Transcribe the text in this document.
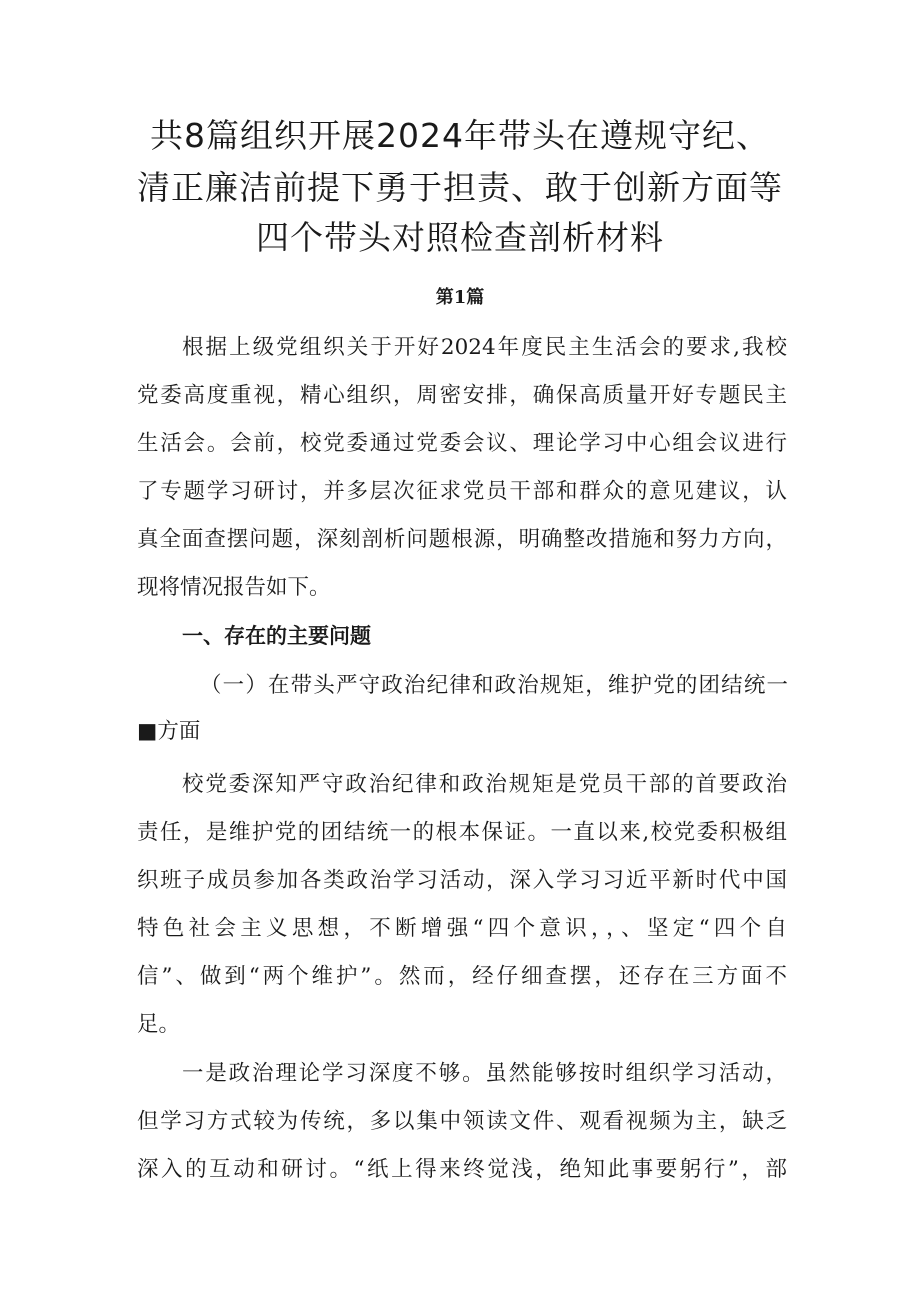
共8篇组织开展2024年带头在遵规守纪、
清正廉洁前提下勇于担责、敢于创新方面等
四个带头对照检查剖析材料
第1篇
根据上级党组织关于开好2024年度民主生活会的要求,我校
党委高度重视，精心组织，周密安排，确保高质量开好专题民主
生活会。会前，校党委通过党委会议、理论学习中心组会议进行
了专题学习研讨，并多层次征求党员干部和群众的意见建议，认
真全面查摆问题，深刻剖析问题根源，明确整改措施和努力方向，
现将情况报告如下。
一、存在的主要问题
（一）在带头严守政治纪律和政治规矩，维护党的团结统一
■方面
校党委深知严守政治纪律和政治规矩是党员干部的首要政治
责任，是维护党的团结统一的根本保证。一直以来,校党委积极组
织班子成员参加各类政治学习活动，深入学习习近平新时代中国
特色社会主义思想，不断增强“四个意识，，、坚定“四个自
信”、做到“两个维护”。然而，经仔细查摆，还存在三方面不
足。
一是政治理论学习深度不够。虽然能够按时组织学习活动，
但学习方式较为传统，多以集中领读文件、观看视频为主，缺乏
深入的互动和研讨。“纸上得来终觉浅，绝知此事要躬行”，部
